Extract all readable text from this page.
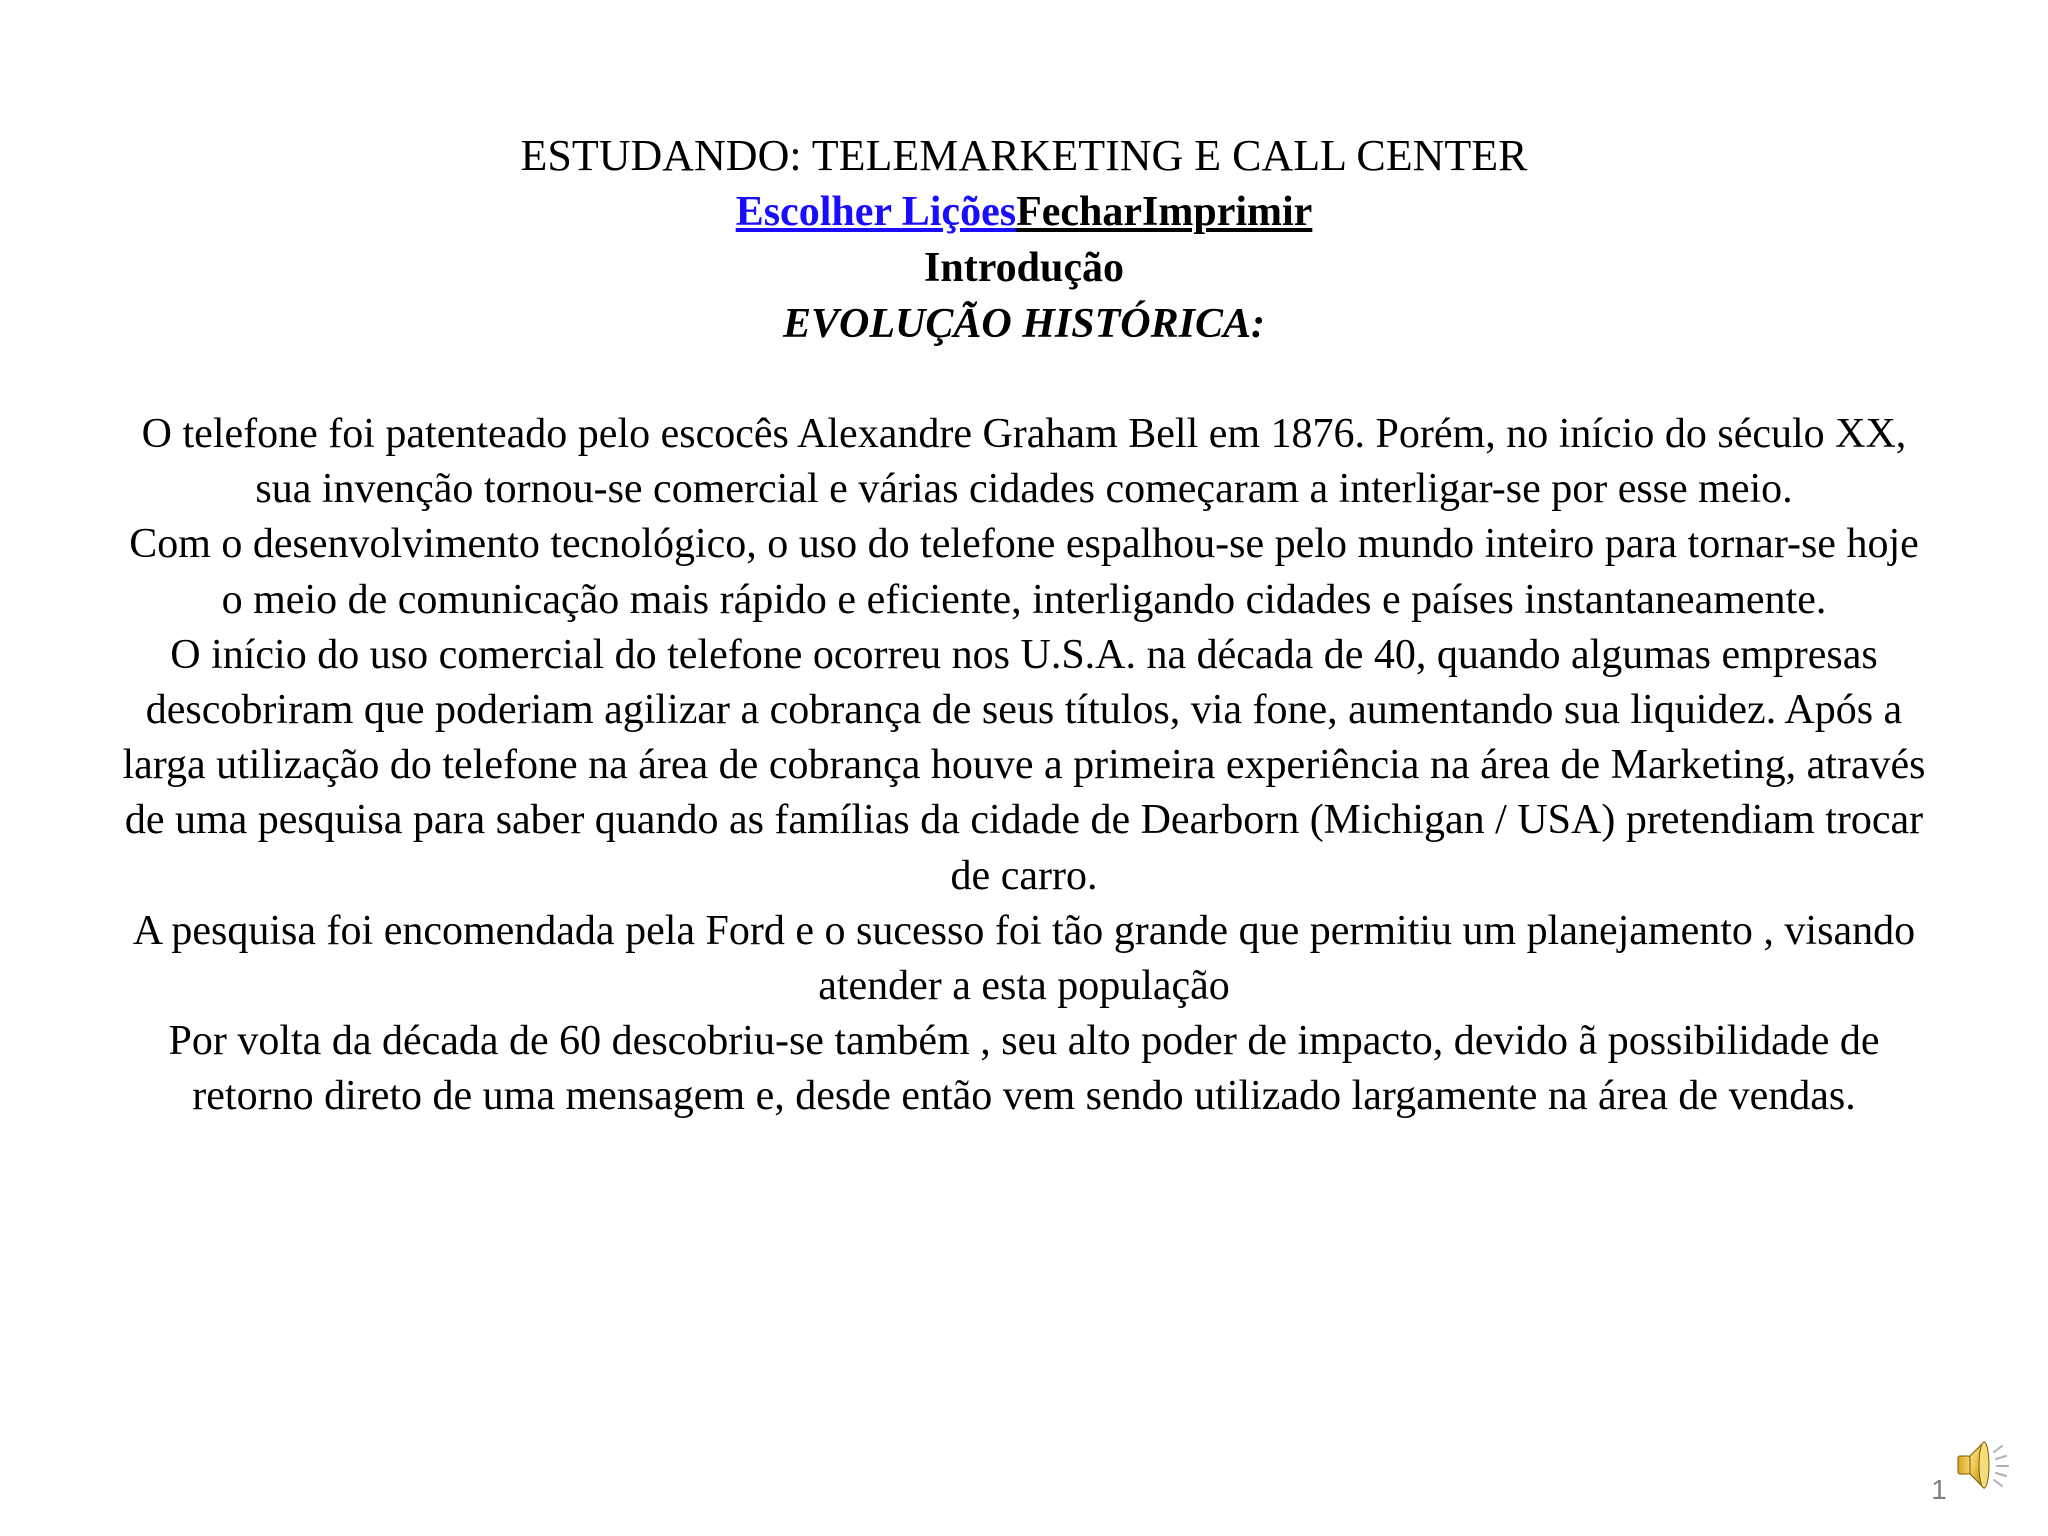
ESTUDANDO: TELEMARKETING E CALL CENTER
Escolher LiçõesFecharImprimir
Introdução
EVOLUÇÃO HISTÓRICA:

O telefone foi patenteado pelo escocês Alexandre Graham Bell em 1876. Porém, no início do século XX, sua invenção tornou-se comercial e várias cidades começaram a interligar-se por esse meio.

Com o desenvolvimento tecnológico, o uso do telefone espalhou-se pelo mundo inteiro para tornar-se hoje o meio de comunicação mais rápido e eficiente, interligando cidades e países instantaneamente.

O início do uso comercial do telefone ocorreu nos U.S.A. na década de 40, quando algumas empresas descobriram que poderiam agilizar a cobrança de seus títulos, via fone, aumentando sua liquidez. Após a larga utilização do telefone na área de cobrança houve a primeira experiência na área de Marketing, através de uma pesquisa para saber quando as famílias da cidade de Dearborn (Michigan / USA) pretendiam trocar de carro.

A pesquisa foi encomendada pela Ford e o sucesso foi tão grande que permitiu um planejamento , visando atender a esta população

Por volta da década de 60 descobriu-se também , seu alto poder de impacto, devido ã possibilidade de retorno direto de uma mensagem e, desde então vem sendo utilizado largamente na área de vendas.

1
